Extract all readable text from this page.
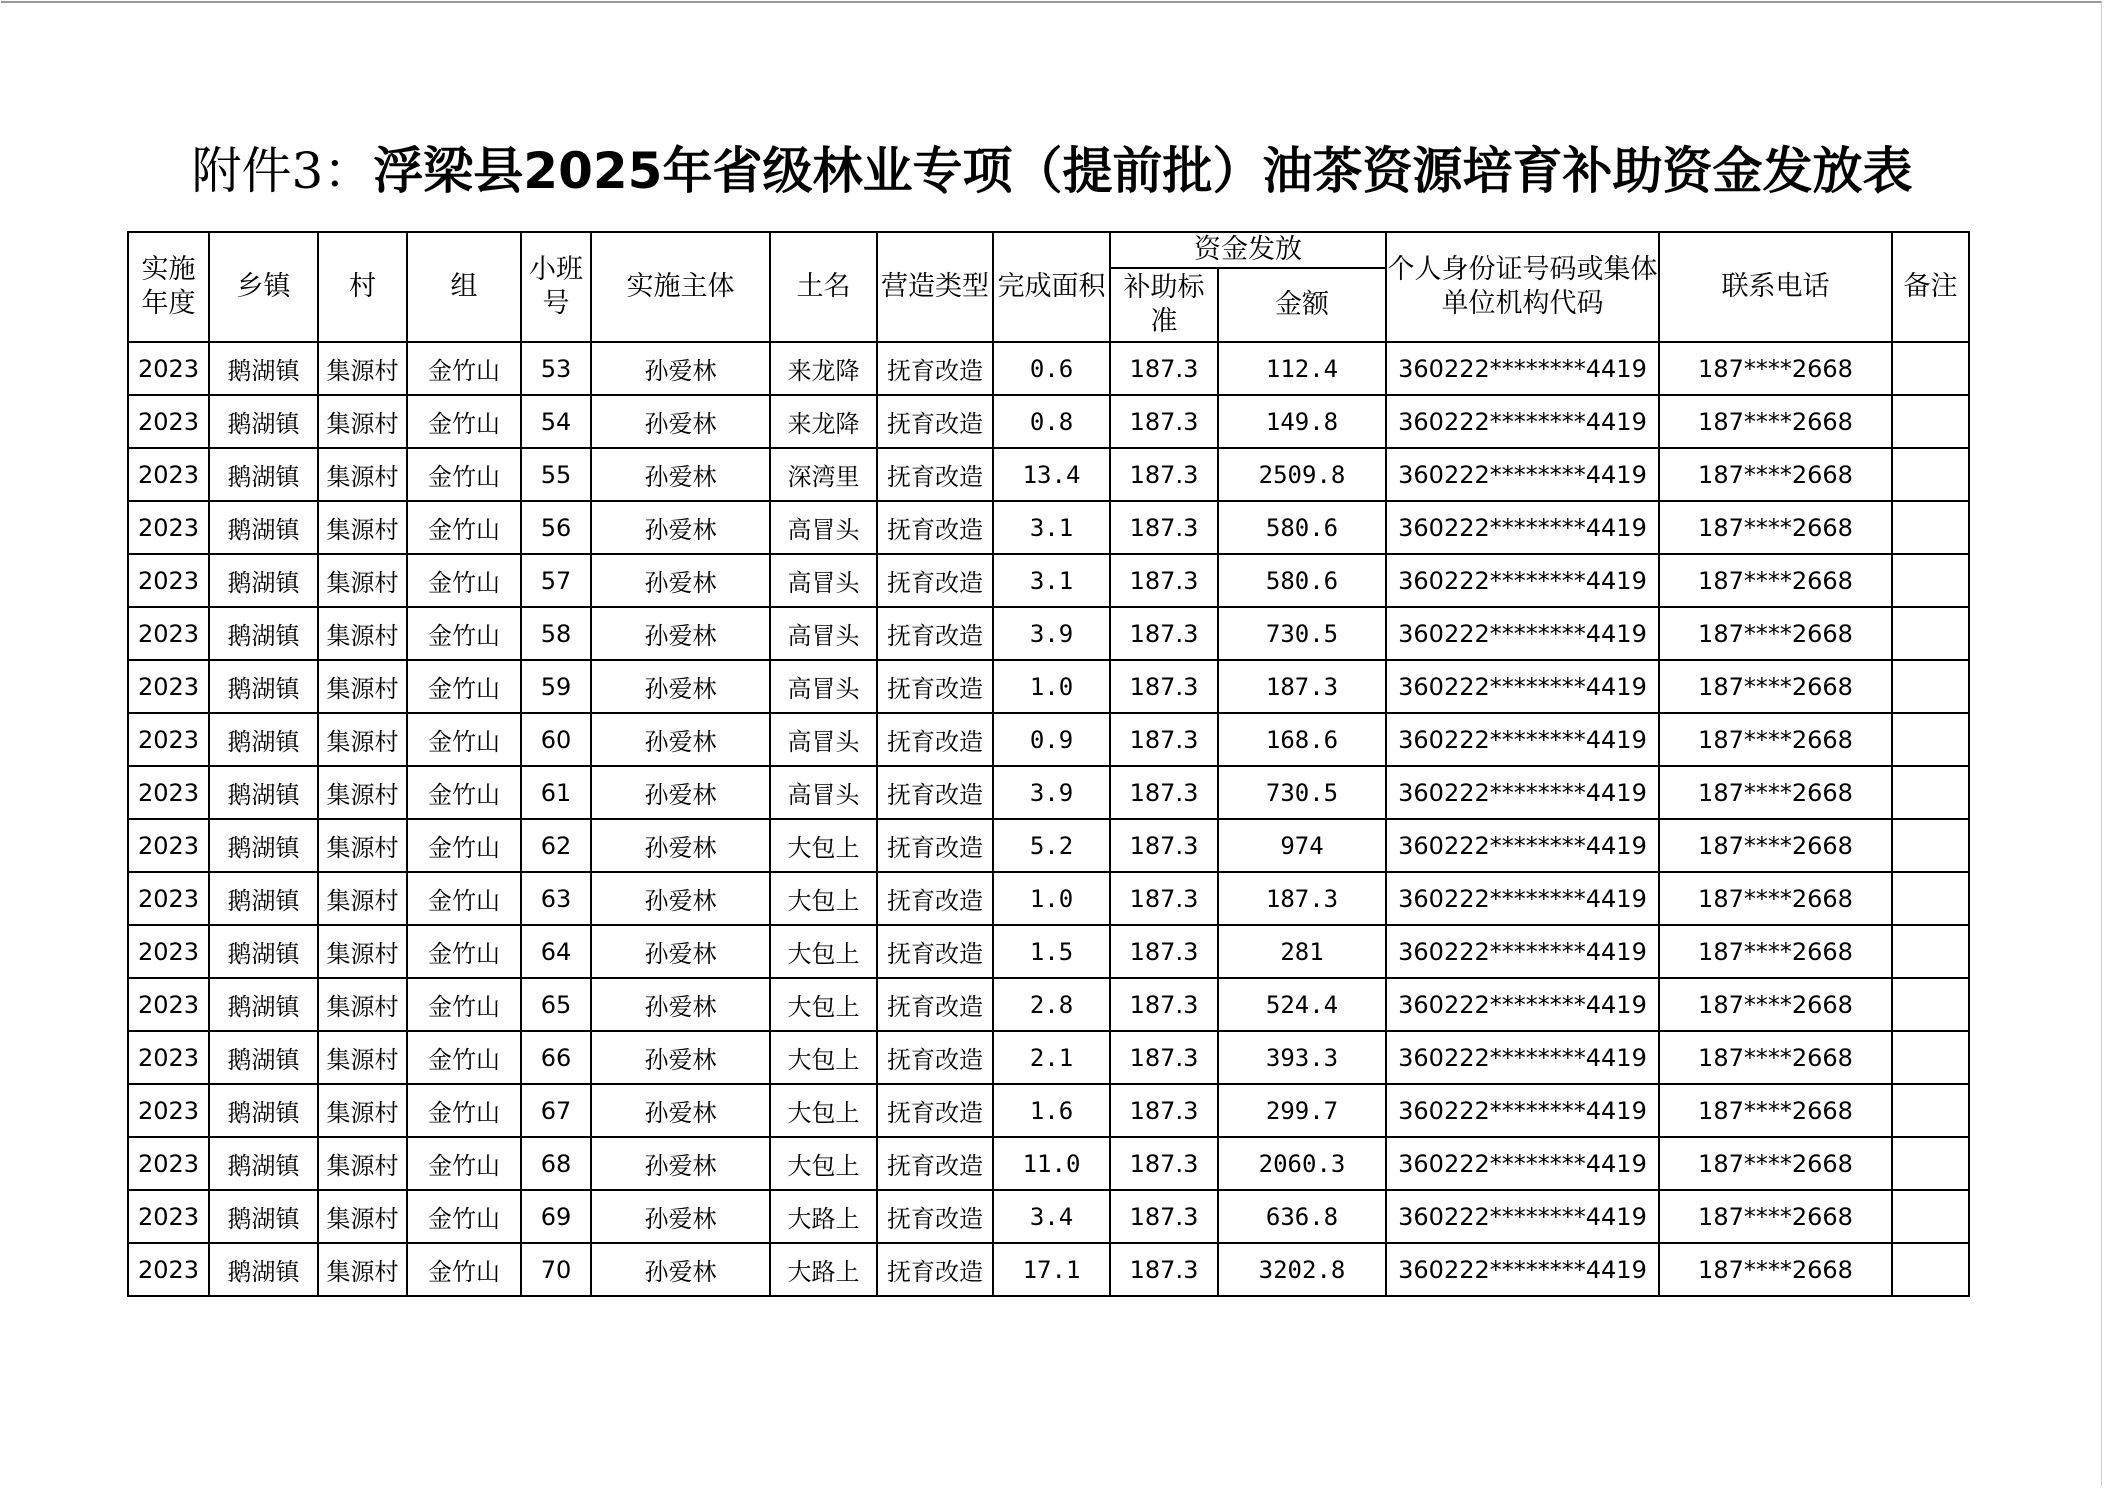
附件3：浮梁县2025年省级林业专项（提前批）油茶资源培育补助资金发放表
实施年度	乡镇	村	组	小班号	实施主体	土名	营造类型	完成面积	资金发放		个人身份证号码或集体单位机构代码	联系电话	备注
									补助标准	金额			
2023	鹅湖镇	集源村	金竹山	53	孙爱林	来龙降	抚育改造	0.6	187.3	112.4	360222********4419	187****2668	
2023	鹅湖镇	集源村	金竹山	54	孙爱林	来龙降	抚育改造	0.8	187.3	149.8	360222********4419	187****2668	
2023	鹅湖镇	集源村	金竹山	55	孙爱林	深湾里	抚育改造	13.4	187.3	2509.8	360222********4419	187****2668	
2023	鹅湖镇	集源村	金竹山	56	孙爱林	高冒头	抚育改造	3.1	187.3	580.6	360222********4419	187****2668	
2023	鹅湖镇	集源村	金竹山	57	孙爱林	高冒头	抚育改造	3.1	187.3	580.6	360222********4419	187****2668	
2023	鹅湖镇	集源村	金竹山	58	孙爱林	高冒头	抚育改造	3.9	187.3	730.5	360222********4419	187****2668	
2023	鹅湖镇	集源村	金竹山	59	孙爱林	高冒头	抚育改造	1.0	187.3	187.3	360222********4419	187****2668	
2023	鹅湖镇	集源村	金竹山	60	孙爱林	高冒头	抚育改造	0.9	187.3	168.6	360222********4419	187****2668	
2023	鹅湖镇	集源村	金竹山	61	孙爱林	高冒头	抚育改造	3.9	187.3	730.5	360222********4419	187****2668	
2023	鹅湖镇	集源村	金竹山	62	孙爱林	大包上	抚育改造	5.2	187.3	974	360222********4419	187****2668	
2023	鹅湖镇	集源村	金竹山	63	孙爱林	大包上	抚育改造	1.0	187.3	187.3	360222********4419	187****2668	
2023	鹅湖镇	集源村	金竹山	64	孙爱林	大包上	抚育改造	1.5	187.3	281	360222********4419	187****2668	
2023	鹅湖镇	集源村	金竹山	65	孙爱林	大包上	抚育改造	2.8	187.3	524.4	360222********4419	187****2668	
2023	鹅湖镇	集源村	金竹山	66	孙爱林	大包上	抚育改造	2.1	187.3	393.3	360222********4419	187****2668	
2023	鹅湖镇	集源村	金竹山	67	孙爱林	大包上	抚育改造	1.6	187.3	299.7	360222********4419	187****2668	
2023	鹅湖镇	集源村	金竹山	68	孙爱林	大包上	抚育改造	11.0	187.3	2060.3	360222********4419	187****2668	
2023	鹅湖镇	集源村	金竹山	69	孙爱林	大路上	抚育改造	3.4	187.3	636.8	360222********4419	187****2668	
2023	鹅湖镇	集源村	金竹山	70	孙爱林	大路上	抚育改造	17.1	187.3	3202.8	360222********4419	187****2668	
